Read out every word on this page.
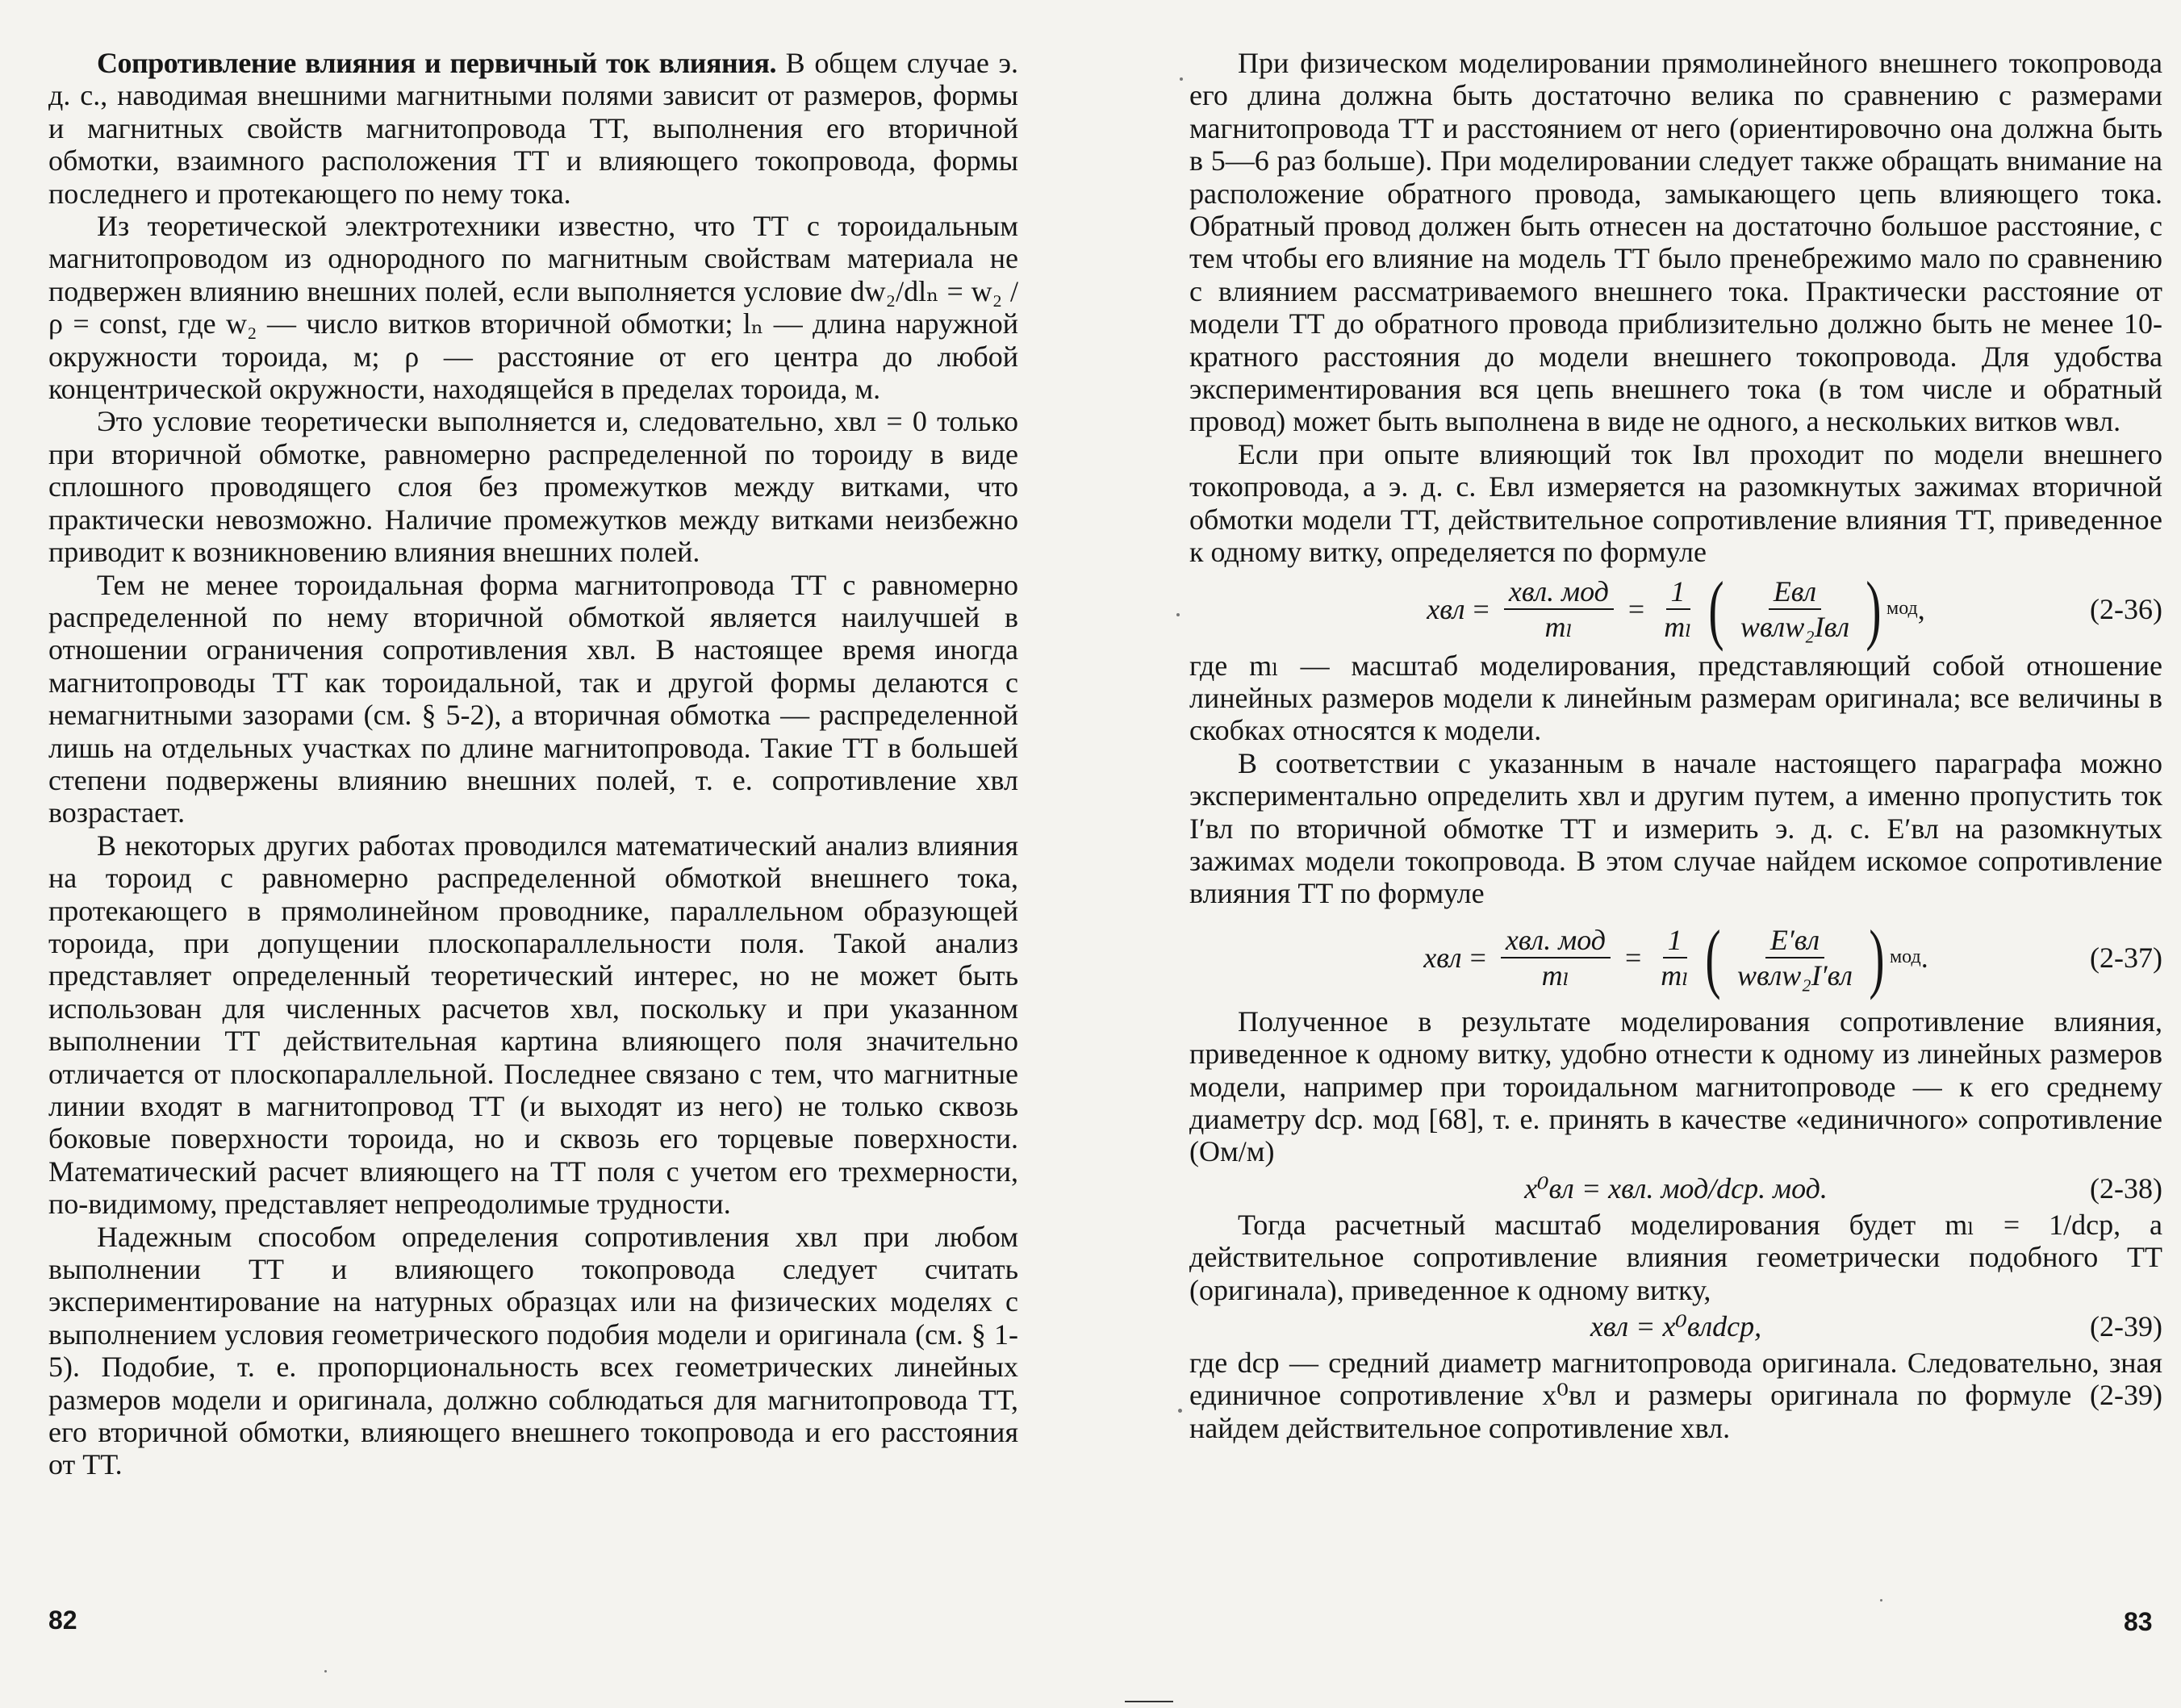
Сопротивление влияния и первичный ток влияния. В общем случае э. д. с., наводимая внешними магнитными полями зависит от размеров, формы и магнитных свойств магнитопровода ТТ, выполнения его вторичной обмотки, взаимного расположения ТТ и влияющего токопровода, формы последнего и протекающего по нему тока.

Из теоретической электротехники известно, что ТТ с тороидальным магнитопроводом из однородного по магнитным свойствам материала не подвержен влиянию внешних полей, если выполняется условие dw₂/dlₙ = w₂ /ρ = const, где w₂ — число витков вторичной обмотки; lₙ — длина наружной окружности тороида, м; ρ — расстояние от его центра до любой концентрической окружности, находящейся в пределах тороида, м.

Это условие теоретически выполняется и, следовательно, xвл = 0 только при вторичной обмотке, равномерно распределенной по тороиду в виде сплошного проводящего слоя без промежутков между витками, что практически невозможно. Наличие промежутков между витками неизбежно приводит к возникновению влияния внешних полей.

Тем не менее тороидальная форма магнитопровода ТТ с равномерно распределенной по нему вторичной обмоткой является наилучшей в отношении ограничения сопротивления xвл. В настоящее время иногда магнитопроводы ТТ как тороидальной, так и другой формы делаются с немагнитными зазорами (см. § 5-2), а вторичная обмотка — распределенной лишь на отдельных участках по длине магнитопровода. Такие ТТ в большей степени подвержены влиянию внешних полей, т. е. сопротивление xвл возрастает.

В некоторых других работах проводился математический анализ влияния на тороид с равномерно распределенной обмоткой внешнего тока, протекающего в прямолинейном проводнике, параллельном образующей тороида, при допущении плоскопараллельности поля. Такой анализ представляет определенный теоретический интерес, но не может быть использован для численных расчетов xвл, поскольку и при указанном выполнении ТТ действительная картина влияющего поля значительно отличается от плоскопараллельной. Последнее связано с тем, что магнитные линии входят в магнитопровод ТТ (и выходят из него) не только сквозь боковые поверхности тороида, но и сквозь его торцевые поверхности. Математический расчет влияющего на ТТ поля с учетом его трехмерности, по-видимому, представляет непреодолимые трудности.

Надежным способом определения сопротивления xвл при любом выполнении ТТ и влияющего токопровода следует считать экспериментирование на натурных образцах или на физических моделях с выполнением условия геометрического подобия модели и оригинала (см. § 1-5). Подобие, т. е. пропорциональность всех геометрических линейных размеров модели и оригинала, должно соблюдаться для магнитопровода ТТ, его вторичной обмотки, влияющего внешнего токопровода и его расстояния от ТТ.

82

При физическом моделировании прямолинейного внешнего токопровода его длина должна быть достаточно велика по сравнению с размерами магнитопровода ТТ и расстоянием от него (ориентировочно она должна быть в 5—6 раз больше). При моделировании следует также обращать внимание на расположение обратного провода, замыкающего цепь влияющего тока. Обратный провод должен быть отнесен на достаточно большое расстояние, с тем чтобы его влияние на модель ТТ было пренебрежимо мало по сравнению с влиянием рассматриваемого внешнего тока. Практически расстояние от модели ТТ до обратного провода приблизительно должно быть не менее 10-кратного расстояния до модели внешнего токопровода. Для удобства экспериментирования вся цепь внешнего тока (в том числе и обратный провод) может быть выполнена в виде не одного, а нескольких витков wвл.

Если при опыте влияющий ток Iвл проходит по модели внешнего токопровода, а э. д. с. Eвл измеряется на разомкнутых зажимах вторичной обмотки модели ТТ, действительное сопротивление влияния ТТ, приведенное к одному витку, определяется по формуле

xвл = $\frac{\text{xвл. мод}}{\text{mₗ}} = \frac{1}{\text{mₗ}}$ ( $\frac{\text{Eвл}}{\text{wвлw₂Iвл}}$ ) мод ,	(2-36)

где mₗ — масштаб моделирования, представляющий собой отношение линейных размеров модели к линейным размерам оригинала; все величины в скобках относятся к модели.

В соответствии с указанным в начале настоящего параграфа можно экспериментально определить xвл и другим путем, а именно пропустить ток I′вл по вторичной обмотке ТТ и измерить э. д. с. E′вл на разомкнутых зажимах модели токопровода. В этом случае найдем искомое сопротивление влияния ТТ по формуле

xвл = $\frac{\text{xвл. мод}}{\text{mₗ}} = \frac{1}{\text{mₗ}}$ ( $\frac{E'вл}{\text{wвлw₂I′вл}}$ ) мод .	(2-37)

Полученное в результате моделирования сопротивление влияния, приведенное к одному витку, удобно отнести к одному из линейных размеров модели, например при тороидальном магнитопроводе — к его среднему диаметру dср. мод [68], т. е. принять в качестве «единичного» сопротивление (Ом/м)

x⁰вл = xвл. мод/dср. мод.	(2-38)

Тогда расчетный масштаб моделирования будет mₗ = 1/dср, а действительное сопротивление влияния геометрически подобного ТТ (оригинала), приведенное к одному витку,

xвл = x⁰влdср,	(2-39)

где dср — средний диаметр магнитопровода оригинала. Следовательно, зная единичное сопротивление x⁰вл и размеры оригинала по формуле (2-39) найдем действительное сопротивление xвл.

83
